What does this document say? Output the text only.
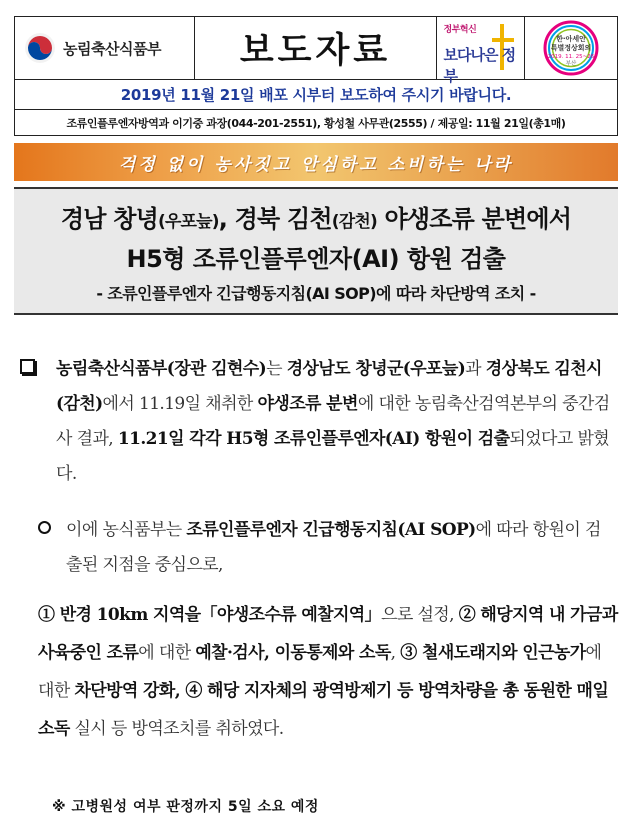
농림축산식품부 보도자료	정부혁신
보다나은 정부
한·아세안
특별정상회의
2019. 11. 25~26
부산
2019년 11월 21일 배포 시부터 보도하여 주시기 바랍니다.
조류인플루엔자방역과 이기중 과장(044-201-2551), 황성철 사무관(2555) / 제공일: 11월 21일(총1매)
걱정 없이 농사짓고 안심하고 소비하는 나라
경남 창녕(우포늪), 경북 김천(감천) 야생조류 분변에서
H5형 조류인플루엔자(AI) 항원 검출
- 조류인플루엔자 긴급행동지침(AI SOP)에 따라 차단방역 조치 -
농림축산식품부(장관 김현수)는 경상남도 창녕군(우포늪)과 경상북도 김천시(감천)에서 11.19일 채취한 야생조류 분변에 대한 농림축산검역본부의 중간검사 결과, 11.21일 각각 H5형 조류인플루엔자(AI) 항원이 검출되었다고 밝혔다.
이에 농식품부는 조류인플루엔자 긴급행동지침(AI SOP)에 따라 항원이 검출된 지점을 중심으로,
① 반경 10km 지역을「야생조수류 예찰지역」으로 설정, ② 해당지역 내 가금과 사육중인 조류에 대한 예찰·검사, 이동통제와 소독, ③ 철새도래지와 인근농가에 대한 차단방역 강화, ④ 해당 지자체의 광역방제기 등 방역차량을 총 동원한 매일 소독 실시 등 방역조치를 취하였다.
※ 고병원성 여부 판정까지 5일 소요 예정
